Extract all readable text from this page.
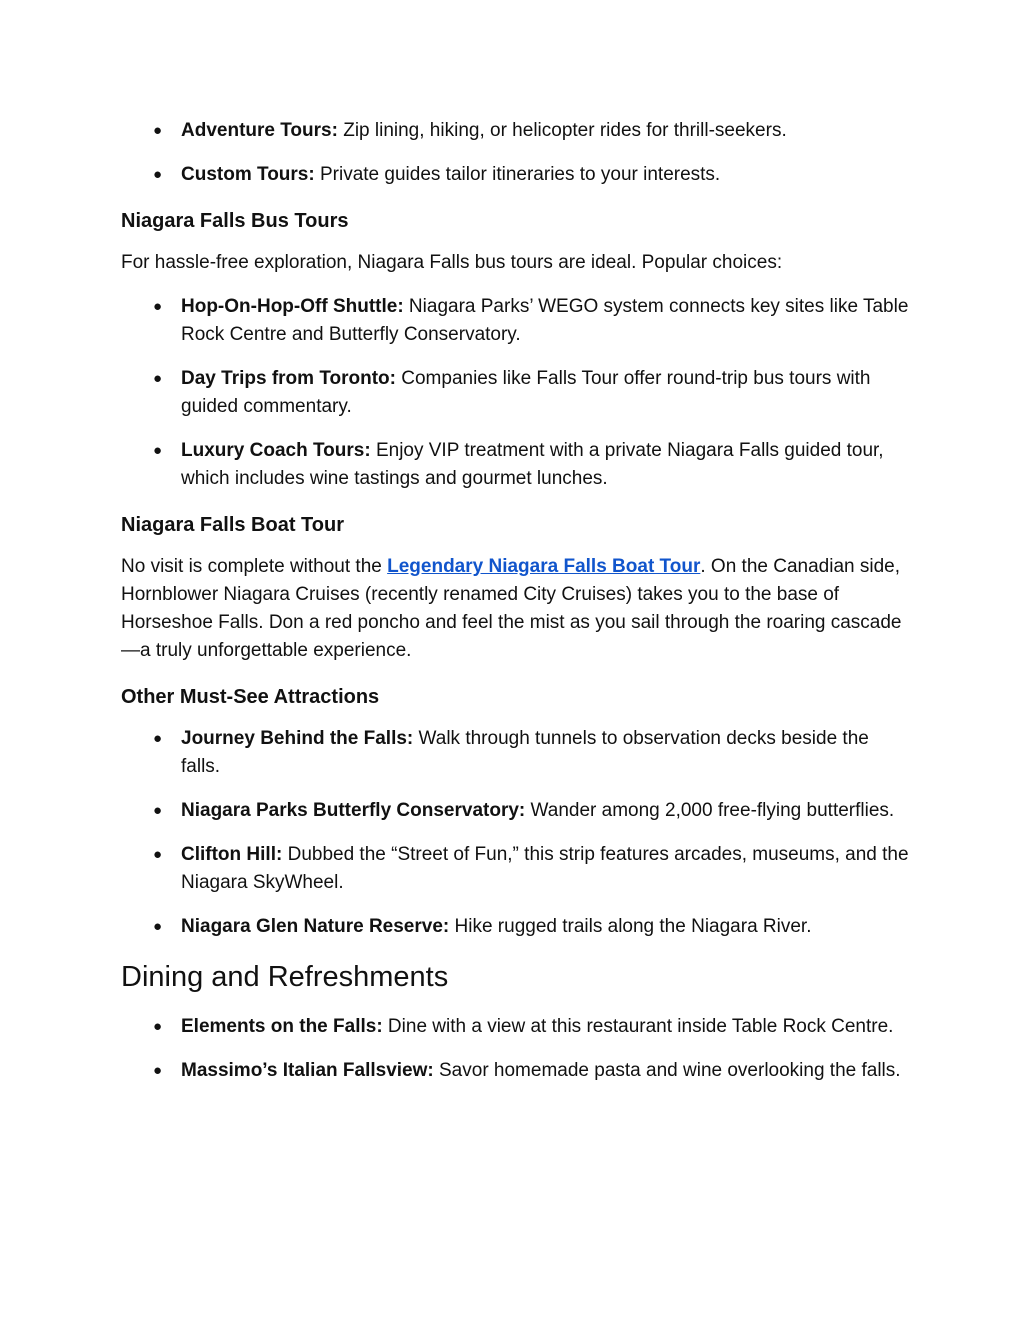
● Adventure Tours: Zip lining, hiking, or helicopter rides for thrill-seekers.
● Custom Tours: Private guides tailor itineraries to your interests.
Niagara Falls Bus Tours

For hassle-free exploration, Niagara Falls bus tours are ideal. Popular choices:

● Hop-On-Hop-Off Shuttle: Niagara Parks’ WEGO system connects key sites like Table Rock Centre and Butterfly Conservatory.
● Day Trips from Toronto: Companies like Falls Tour offer round-trip bus tours with guided commentary.
● Luxury Coach Tours: Enjoy VIP treatment with a private Niagara Falls guided tour, which includes wine tastings and gourmet lunches.
Niagara Falls Boat Tour

No visit is complete without the Legendary Niagara Falls Boat Tour. On the Canadian side, Hornblower Niagara Cruises (recently renamed City Cruises) takes you to the base of Horseshoe Falls. Don a red poncho and feel the mist as you sail through the roaring cascade—a truly unforgettable experience.

Other Must-See Attractions
● Journey Behind the Falls: Walk through tunnels to observation decks beside the falls.
● Niagara Parks Butterfly Conservatory: Wander among 2,000 free-flying butterflies.
● Clifton Hill: Dubbed the “Street of Fun,” this strip features arcades, museums, and the Niagara SkyWheel.
● Niagara Glen Nature Reserve: Hike rugged trails along the Niagara River.
Dining and Refreshments
● Elements on the Falls: Dine with a view at this restaurant inside Table Rock Centre.
● Massimo’s Italian Fallsview: Savor homemade pasta and wine overlooking the falls.
